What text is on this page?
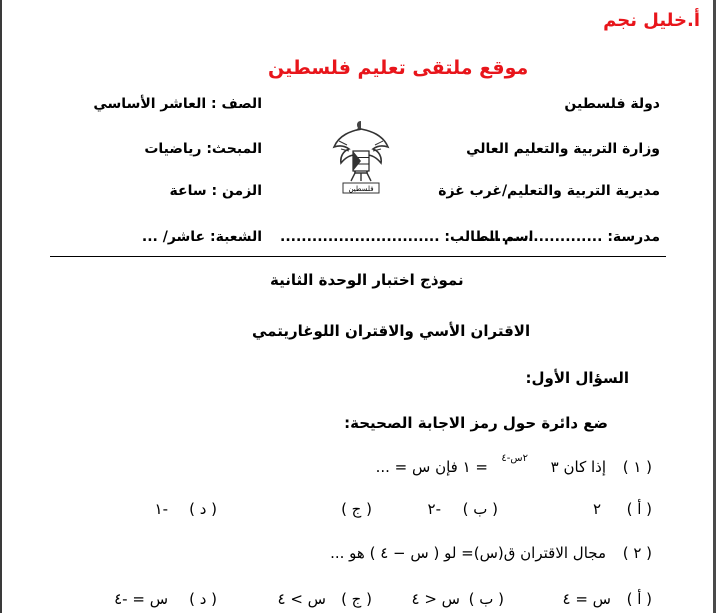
أ.خليل نجم
موقع ملتقى تعليم فلسطين
دولة فلسطين
وزارة التربية والتعليم العالي
مديرية التربية والتعليم/غرب غزة
مدرسة: .......................
الصف : العاشر الأساسي
المبحث: رياضيات
الزمن : ساعة
الشعبة: عاشر/ ... اسم الطالب: ..............................
فلسطين
نموذج اختبار الوحدة الثانية
الاقتران الأسي والاقتران اللوغاريتمي
السؤال الأول:
ضع دائرة حول رمز الاجابة الصحيحة:
( ١ )
إذا كان ٣
٢س-٤
= ١ فإن س = ...
( أ )
٢
( ب )
-٢
( ج )
( د )
-١
( ٢ )
مجال الاقتران ق(س)= لو ( س − ٤ ) هو ...
( أ )
س = ٤
( ب )
س < ٤
( ج )
س > ٤
( د )
س = -٤
